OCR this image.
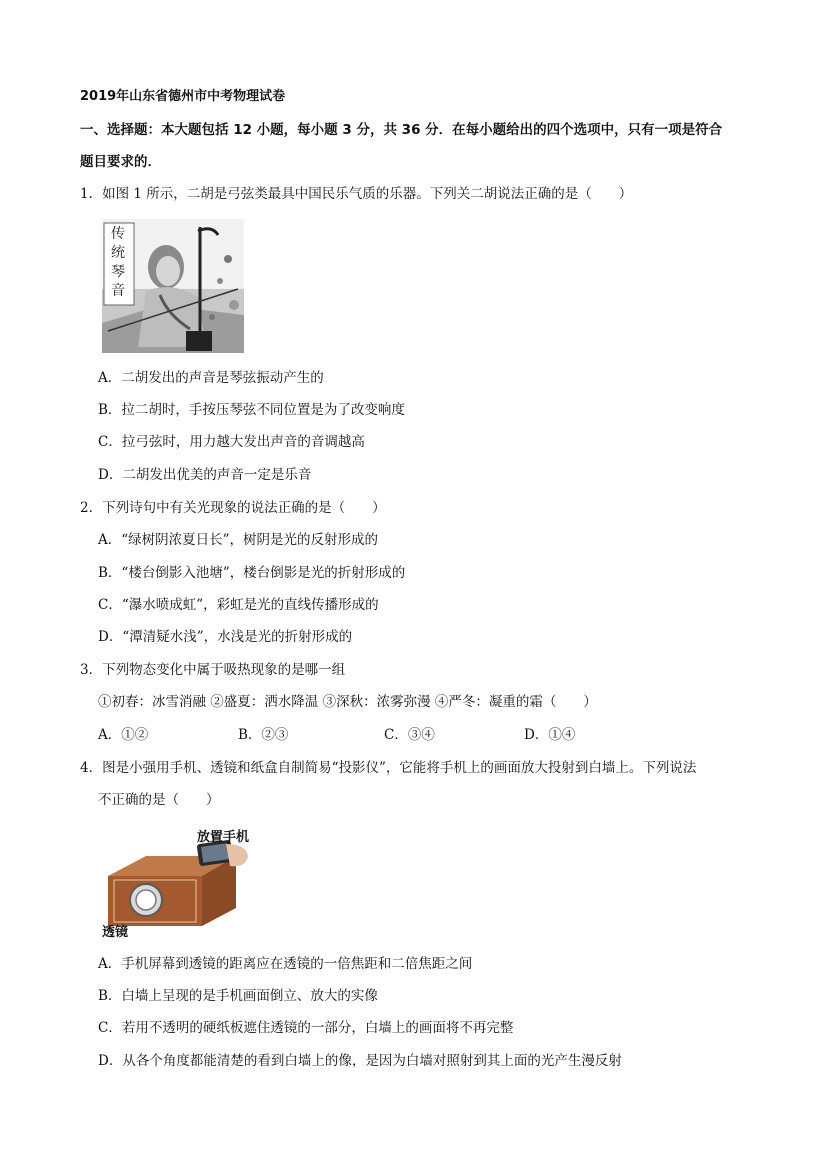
2019年山东省德州市中考物理试卷
一、选择题：本大题包括 12 小题，每小题 3 分，共 36 分．在每小题给出的四个选项中，只有一项是符合
题目要求的．
1．如图 1 所示，二胡是弓弦类最具中国民乐气质的乐器。下列关二胡说法正确的是（　　）
传统琴音
A．二胡发出的声音是琴弦振动产生的
B．拉二胡时，手按压琴弦不同位置是为了改变响度
C．拉弓弦时，用力越大发出声音的音调越高
D．二胡发出优美的声音一定是乐音
2．下列诗句中有关光现象的说法正确的是（　　）
A．“绿树阴浓夏日长”，树阴是光的反射形成的
B．“楼台倒影入池塘”，楼台倒影是光的折射形成的
C．“瀑水喷成虹”，彩虹是光的直线传播形成的
D．“潭清疑水浅”，水浅是光的折射形成的
3．下列物态变化中属于吸热现象的是哪一组
①初春：冰雪消融 ②盛夏：洒水降温 ③深秋：浓雾弥漫 ④严冬：凝重的霜（　　）
A．①②	B．②③	C．③④	D．①④
4．图是小强用手机、透镜和纸盒自制简易“投影仪”，它能将手机上的画面放大投射到白墙上。下列说法
不正确的是（　　）
放置手机
透镜
A．手机屏幕到透镜的距离应在透镜的一倍焦距和二倍焦距之间
B．白墙上呈现的是手机画面倒立、放大的实像
C．若用不透明的硬纸板遮住透镜的一部分，白墙上的画面将不再完整
D．从各个角度都能清楚的看到白墙上的像，是因为白墙对照射到其上面的光产生漫反射
